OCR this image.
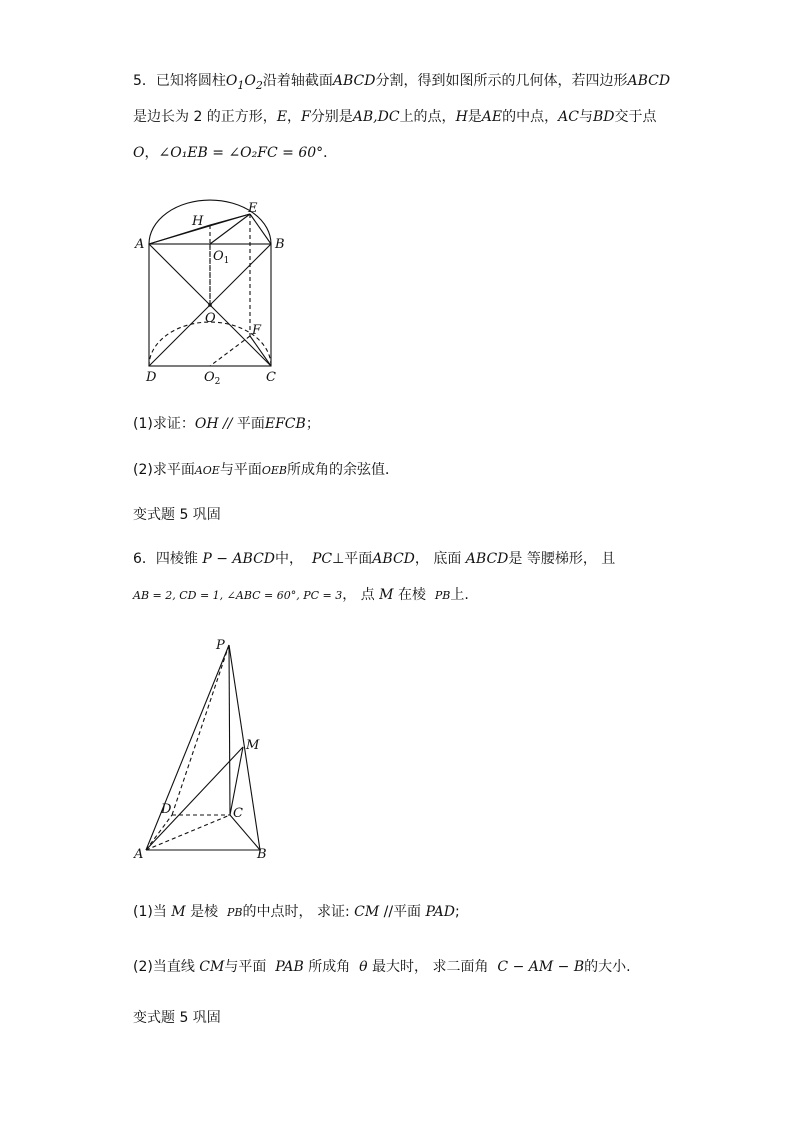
5．已知将圆柱$O_1O_2$沿着轴截面ABCD分割，得到如图所示的几何体，若四边形ABCD
是边长为 2 的正方形，E，F分别是AB,DC上的点，H是AE的中点，AC与BD交于点
O，∠O₁EB = ∠O₂FC = 60°．
A	B
C
D
E
F
H
O
$O_1$
$O_2$
(1)求证：OH // 平面EFCB；
(2)求平面AOE与平面OEB所成角的余弦值．
变式题 5 巩固
6．四棱锥 P − ABCD中， PC⊥平面ABCD， 底面 ABCD是 等腰梯形， 且
AB = 2, CD = 1, ∠ABC = 60°, PC = 3， 点 M 在棱 PB上.
P
M
D	C
A	B
(1)当 M 是棱 PB的中点时， 求证: CM //平面 PAD;
(2)当直线 CM与平面 PAB 所成角 θ 最大时， 求二面角 C − AM − B的大小.
变式题 5 巩固
